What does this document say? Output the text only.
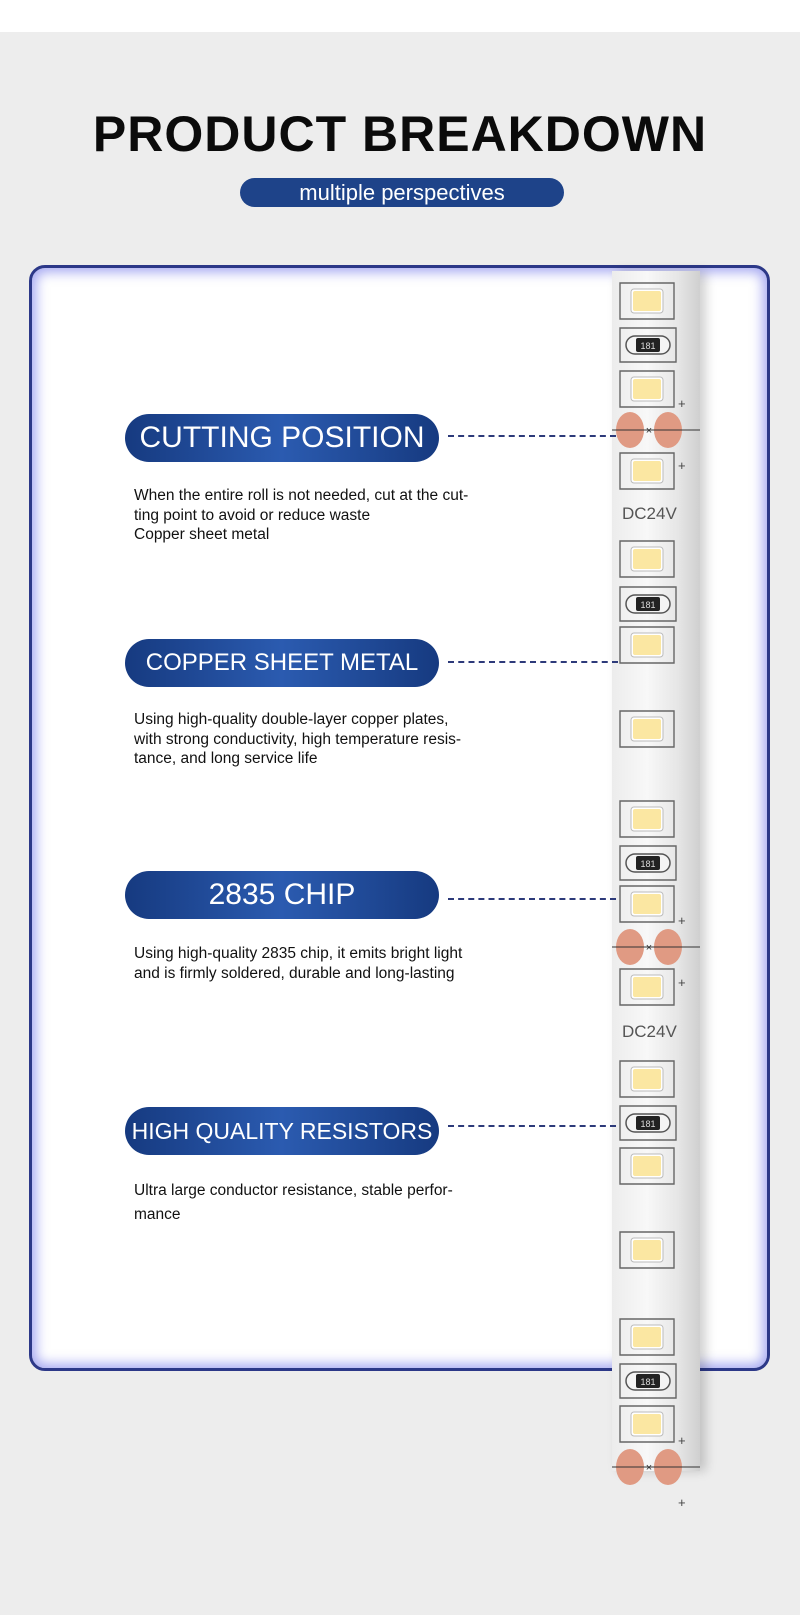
PRODUCT BREAKDOWN
multiple perspectives
181
×
+
+
DC24V
181
181
×
+
+
DC24V
181
181
×
+
+
CUTTING POSITION
When the entire roll is not needed, cut at the cut-
ting point to avoid or reduce waste
Copper sheet metal
COPPER SHEET METAL
Using high-quality double-layer copper plates,
with strong conductivity, high temperature resis-
tance, and long service life
2835 CHIP
Using high-quality 2835 chip, it emits bright light
and is firmly soldered, durable and long-lasting
HIGH QUALITY RESISTORS
Ultra large conductor resistance, stable perfor-
mance
